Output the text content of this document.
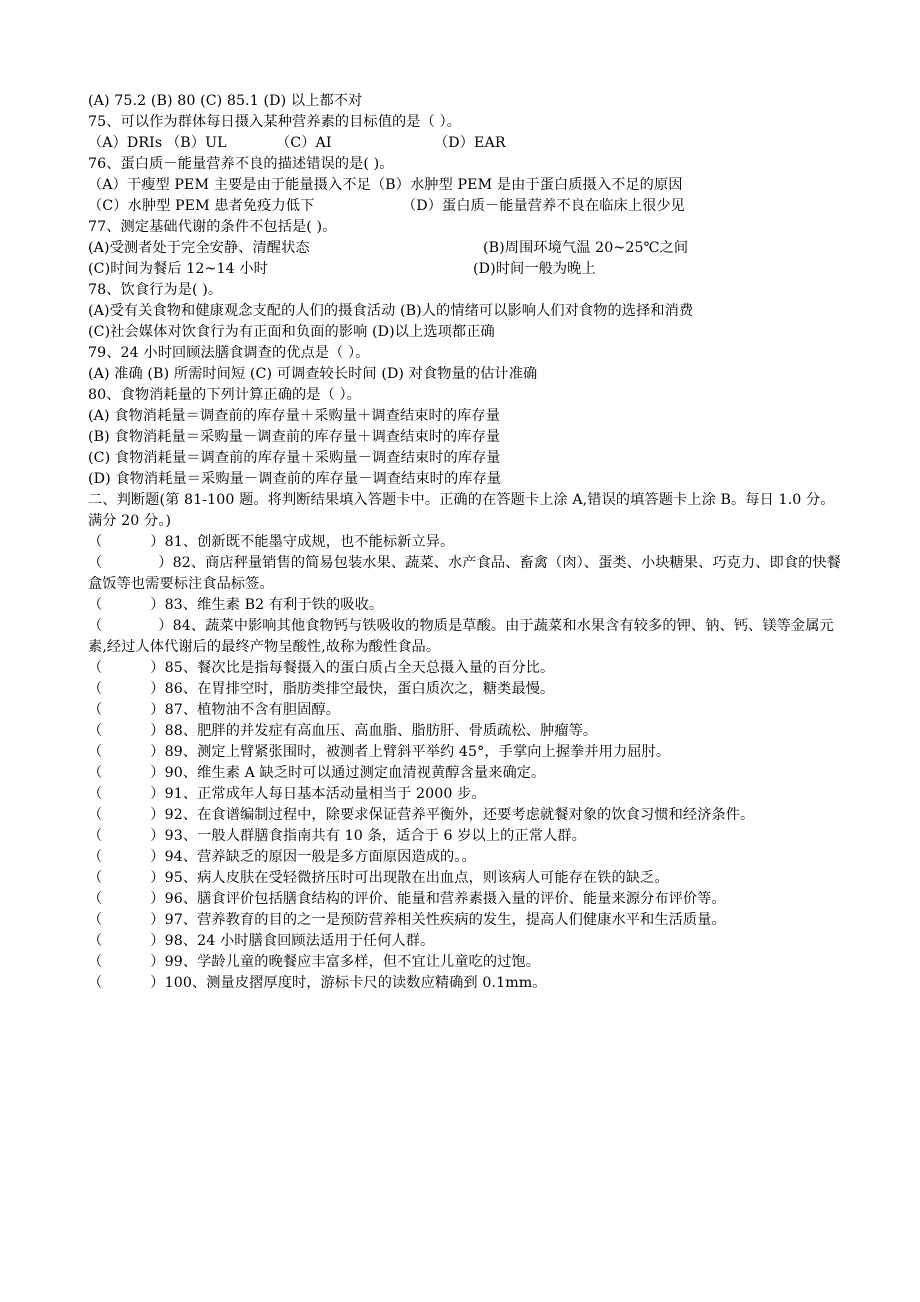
(A) 75.2 (B) 80 (C) 85.1 (D) 以上都不对
75、可以作为群体每日摄入某种营养素的目标值的是（ ）。
（A）DRIs （B）UL	（C）AI	（D）EAR
76、蛋白质－能量营养不良的描述错误的是( )。
（A）干瘦型 PEM 主要是由于能量摄入不足（B）水肿型 PEM 是由于蛋白质摄入不足的原因
（C）水肿型 PEM 患者免疫力低下	（D）蛋白质－能量营养不良在临床上很少见
77、测定基础代谢的条件不包括是( )。
(A)受测者处于完全安静、清醒状态	(B)周围环境气温 20~25℃之间
(C)时间为餐后 12~14 小时	(D)时间一般为晚上
78、饮食行为是( )。
(A)受有关食物和健康观念支配的人们的摄食活动 (B)人的情绪可以影响人们对食物的选择和消费
(C)社会媒体对饮食行为有正面和负面的影响 (D)以上选项都正确
79、24 小时回顾法膳食调查的优点是（ ）。
(A) 准确 (B) 所需时间短 (C) 可调查较长时间 (D) 对食物量的估计准确
80、食物消耗量的下列计算正确的是（ ）。
(A) 食物消耗量＝调查前的库存量＋采购量＋调查结束时的库存量
(B) 食物消耗量＝采购量－调查前的库存量＋调查结束时的库存量
(C) 食物消耗量＝调查前的库存量＋采购量－调查结束时的库存量
(D) 食物消耗量＝采购量－调查前的库存量－调查结束时的库存量
二、判断题(第 81-100 题。将判断结果填入答题卡中。正确的在答题卡上涂 A,错误的填答题卡上涂 B。每日 1.0 分。满分 20 分。)
（	）81、创新既不能墨守成规，也不能标新立异。
（	）82、商店秤量销售的简易包装水果、蔬菜、水产食品、畜禽（肉）、蛋类、小块糖果、巧克力、即食的快餐盒饭等也需要标注食品标签。
（	）83、维生素 B2 有利于铁的吸收。
（	）84、蔬菜中影响其他食物钙与铁吸收的物质是草酸。由于蔬菜和水果含有较多的钾、钠、钙、镁等金属元素,经过人体代谢后的最终产物呈酸性,故称为酸性食品。
（	）85、餐次比是指每餐摄入的蛋白质占全天总摄入量的百分比。
（	）86、在胃排空时，脂肪类排空最快，蛋白质次之，糖类最慢。
（	）87、植物油不含有胆固醇。
（	）88、肥胖的并发症有高血压、高血脂、脂肪肝、骨质疏松、肿瘤等。
（	）89、测定上臂紧张围时，被测者上臂斜平举约 45°，手掌向上握拳并用力屈肘。
（	）90、维生素 A 缺乏时可以通过测定血清视黄醇含量来确定。
（	）91、正常成年人每日基本活动量相当于 2000 步。
（	）92、在食谱编制过程中，除要求保证营养平衡外，还要考虑就餐对象的饮食习惯和经济条件。
（	）93、一般人群膳食指南共有 10 条，适合于 6 岁以上的正常人群。
（	）94、营养缺乏的原因一般是多方面原因造成的。。
（	）95、病人皮肤在受轻微挤压时可出现散在出血点，则该病人可能存在铁的缺乏。
（	）96、膳食评价包括膳食结构的评价、能量和营养素摄入量的评价、能量来源分布评价等。
（	）97、营养教育的目的之一是预防营养相关性疾病的发生，提高人们健康水平和生活质量。
（	）98、24 小时膳食回顾法适用于任何人群。
（	）99、学龄儿童的晚餐应丰富多样，但不宜让儿童吃的过饱。
（	）100、测量皮摺厚度时，游标卡尺的读数应精确到 0.1mm。
